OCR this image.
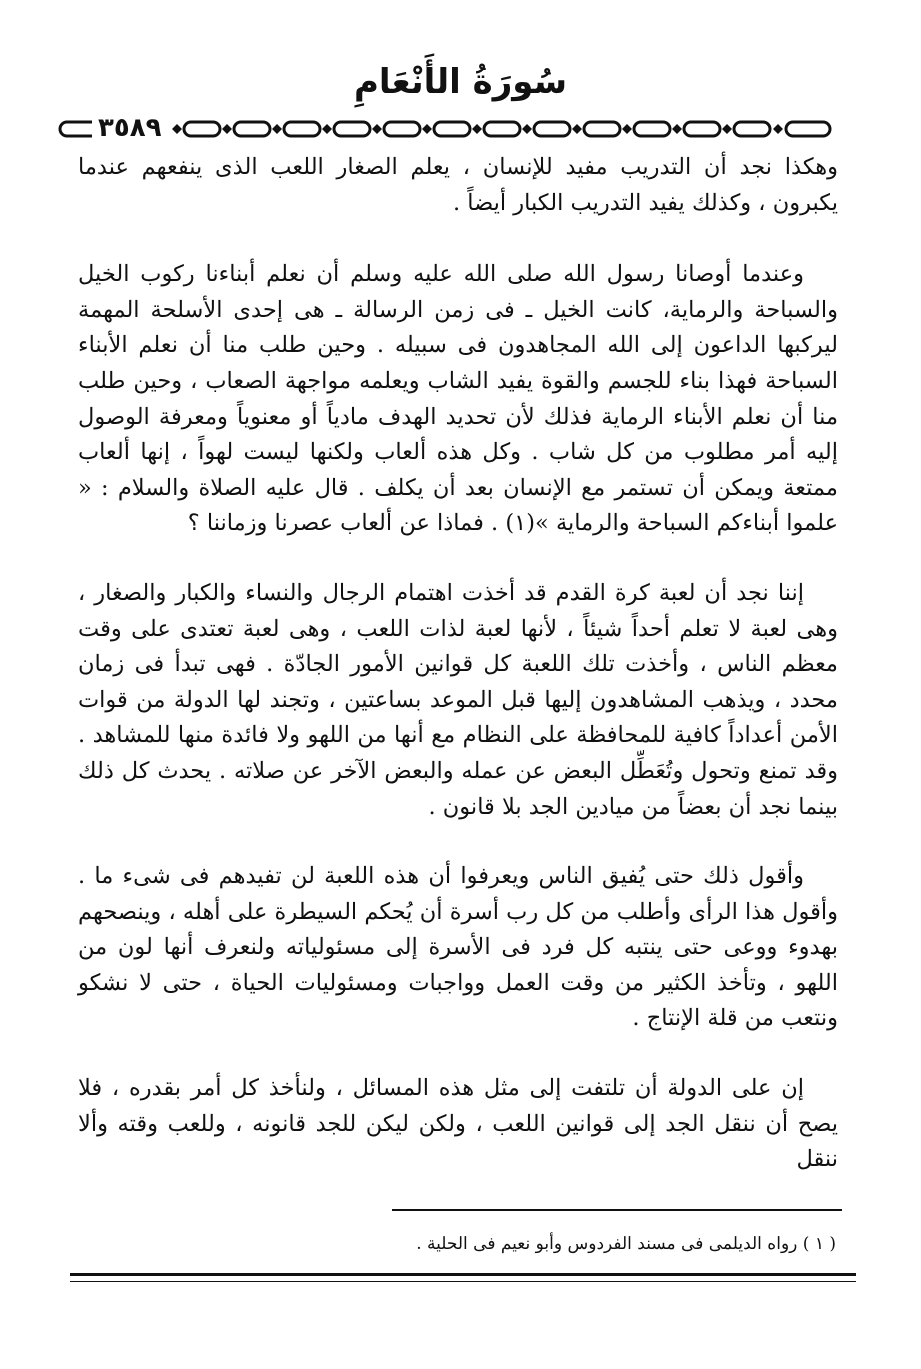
سُورَةُ الأَنْعَامِ
٣٥٨٩

وهكذا نجد أن التدريب مفيد للإنسان ، يعلم الصغار اللعب الذى ينفعهم عندما يكبرون ، وكذلك يفيد التدريب الكبار أيضاً .

وعندما أوصانا رسول الله صلى الله عليه وسلم أن نعلم أبناءنا ركوب الخيل والسباحة والرماية، كانت الخيل ـ فى زمن الرسالة ـ هى إحدى الأسلحة المهمة ليركبها الداعون إلى الله المجاهدون فى سبيله . وحين طلب منا أن نعلم الأبناء السباحة فهذا بناء للجسم والقوة يفيد الشاب ويعلمه مواجهة الصعاب ، وحين طلب منا أن نعلم الأبناء الرماية فذلك لأن تحديد الهدف مادياً أو معنوياً ومعرفة الوصول إليه أمر مطلوب من كل شاب . وكل هذه ألعاب ولكنها ليست لهواً ، إنها ألعاب ممتعة ويمكن أن تستمر مع الإنسان بعد أن يكلف . قال عليه الصلاة والسلام : « علموا أبناءكم السباحة والرماية »(١) . فماذا عن ألعاب عصرنا وزماننا ؟

إننا نجد أن لعبة كرة القدم قد أخذت اهتمام الرجال والنساء والكبار والصغار ، وهى لعبة لا تعلم أحداً شيئاً ، لأنها لعبة لذات اللعب ، وهى لعبة تعتدى على وقت معظم الناس ، وأخذت تلك اللعبة كل قوانين الأمور الجادّة . فهى تبدأ فى زمان محدد ، ويذهب المشاهدون إليها قبل الموعد بساعتين ، وتجند لها الدولة من قوات الأمن أعداداً كافية للمحافظة على النظام مع أنها من اللهو ولا فائدة منها للمشاهد . وقد تمنع وتحول وتُعَطِّل البعض عن عمله والبعض الآخر عن صلاته . يحدث كل ذلك بينما نجد أن بعضاً من ميادين الجد بلا قانون .

وأقول ذلك حتى يُفيق الناس ويعرفوا أن هذه اللعبة لن تفيدهم فى شىء ما . وأقول هذا الرأى وأطلب من كل رب أسرة أن يُحكم السيطرة على أهله ، وينصحهم بهدوء ووعى حتى ينتبه كل فرد فى الأسرة إلى مسئولياته ولنعرف أنها لون من اللهو ، وتأخذ الكثير من وقت العمل وواجبات ومسئوليات الحياة ، حتى لا نشكو ونتعب من قلة الإنتاج .

إن على الدولة أن تلتفت إلى مثل هذه المسائل ، ولنأخذ كل أمر بقدره ، فلا يصح أن ننقل الجد إلى قوانين اللعب ، ولكن ليكن للجد قانونه ، وللعب وقته وألا ننقل

( ١ ) رواه الديلمى فى مسند الفردوس وأبو نعيم فى الحلية .
